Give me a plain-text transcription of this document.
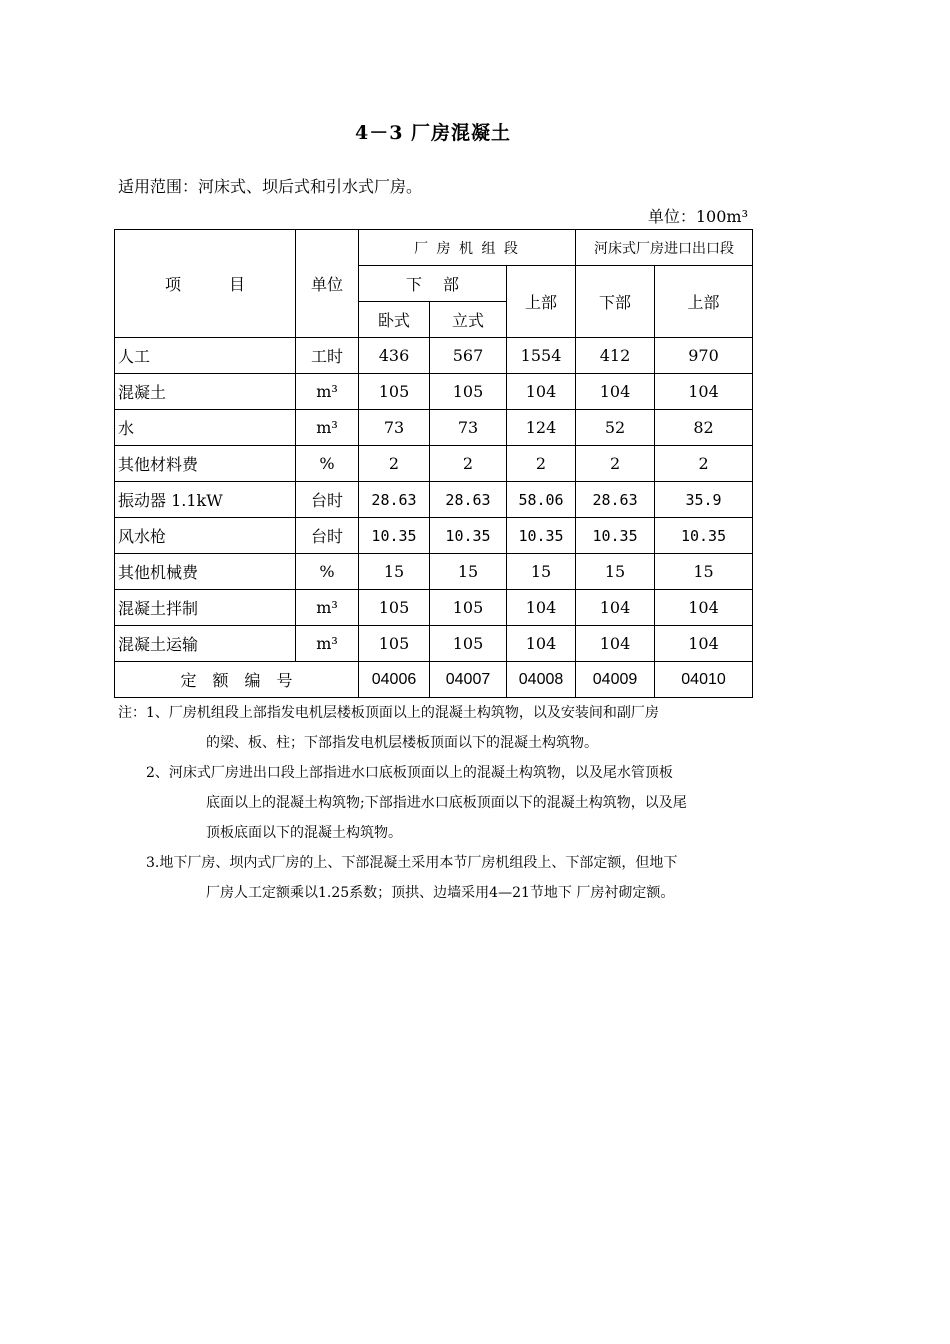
4－3 厂房混凝土
适用范围：河床式、坝后式和引水式厂房。
单位：100m³
项　　　目	单位	厂 房 机 组 段			河床式厂房进口出口段	
		下　 部		上部	下部	上部
		卧式	立式			
人工	工时	436	567	1554	412	970
混凝土	m³	105	105	104	104	104
水	m³	73	73	124	52	82
其他材料费	%	2	2	2	2	2
振动器 1.1kW	台时	28.63	28.63	58.06	28.63	35.9
风水枪	台时	10.35	10.35	10.35	10.35	10.35
其他机械费	%	15	15	15	15	15
混凝土拌制	m³	105	105	104	104	104
混凝土运输	m³	105	105	104	104	104
定　额　编　号		04006	04007	04008	04009	04010
注：1、厂房机组段上部指发电机层楼板顶面以上的混凝土构筑物，以及安装间和副厂房
的梁、板、柱；下部指发电机层楼板顶面以下的混凝土构筑物。
2、河床式厂房进出口段上部指进水口底板顶面以上的混凝土构筑物，以及尾水管顶板
底面以上的混凝土构筑物;下部指进水口底板顶面以下的混凝土构筑物，以及尾
顶板底面以下的混凝土构筑物。
3.地下厂房、坝内式厂房的上、下部混凝土采用本节厂房机组段上、下部定额，但地下
厂房人工定额乘以1.25系数；顶拱、边墙采用4—21节地下 厂房衬砌定额。
